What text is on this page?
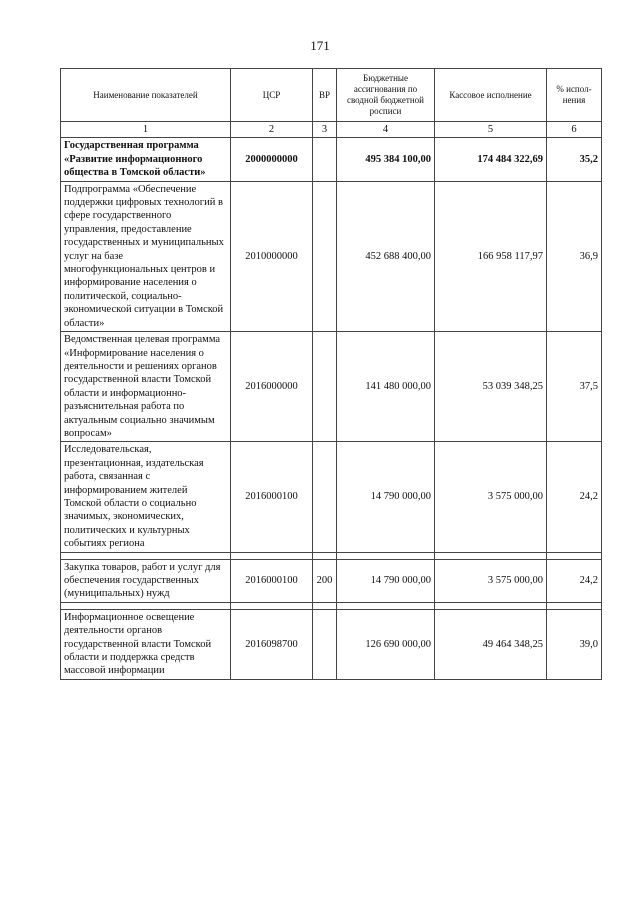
171
Наименование показателей	ЦСР	ВР	Бюджетные ассигнования по сводной бюджетной росписи	Кассовое исполнение	% испол-нения
1	2	3	4	5	6
Государственная программа «Развитие информационного общества в Томской области»	2000000000		495 384 100,00	174 484 322,69	35,2
Подпрограмма «Обеспечение поддержки цифровых технологий в сфере государственного управления, предоставление государственных и муниципальных услуг на базе многофункциональных центров и информирование населения о политической, социально-экономической ситуации в Томской области»	2010000000		452 688 400,00	166 958 117,97	36,9
Ведомственная целевая программа «Информирование населения о деятельности и решениях органов государственной власти Томской области и информационно-разъяснительная работа по актуальным социально значимым вопросам»	2016000000		141 480 000,00	53 039 348,25	37,5
Исследовательская, презентационная, издательская работа, связанная с информированием жителей Томской области о социально значимых, экономических, политических и культурных событиях региона	2016000100		14 790 000,00	3 575 000,00	24,2

Закупка товаров, работ и услуг для обеспечения государственных (муниципальных) нужд	2016000100	200	14 790 000,00	3 575 000,00	24,2

Информационное освещение деятельности органов государственной власти Томской области и поддержка средств массовой информации	2016098700		126 690 000,00	49 464 348,25	39,0
